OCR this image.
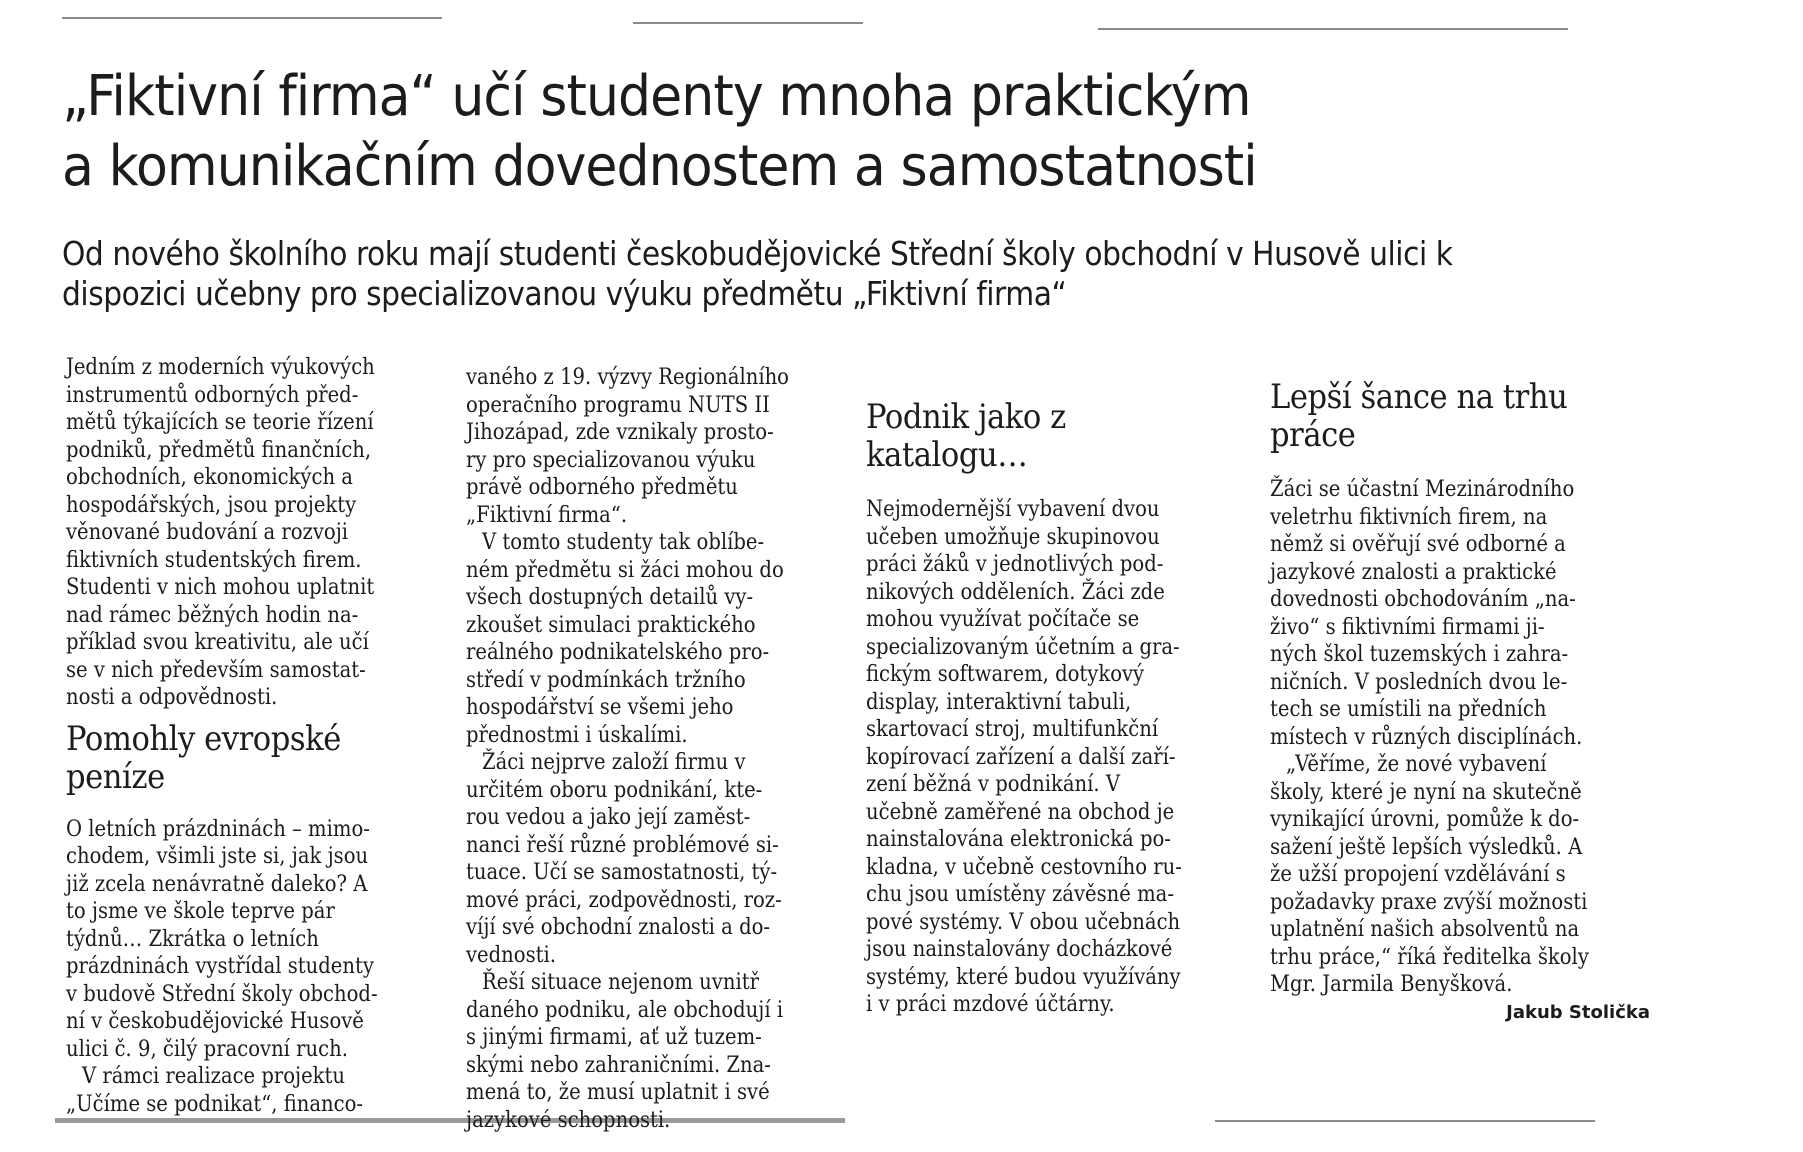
„Fiktivní firma“ učí studenty mnoha praktickým
a komunikačním dovednostem a samostatnosti
Od nového školního roku mají studenti českobudějovické Střední školy obchodní v Husově ulici k
dispozici učebny pro specializovanou výuku předmětu „Fiktivní firma“

Jedním z moderních výukových
instrumentů odborných před-
mětů týkajících se teorie řízení
podniků, předmětů finančních,
obchodních, ekonomických a
hospodářských, jsou projekty
věnované budování a rozvoji
fiktivních studentských firem.
Studenti v nich mohou uplatnit
nad rámec běžných hodin na-
příklad svou kreativitu, ale učí
se v nich především samostat-
nosti a odpovědnosti.

Pomohly evropské
peníze

O letních prázdninách – mimo-
chodem, všimli jste si, jak jsou
již zcela nenávratně daleko? A
to jsme ve škole teprve pár
týdnů… Zkrátka o letních
prázdninách vystřídal studenty
v budově Střední školy obchod-
ní v českobudějovické Husově
ulici č. 9, čilý pracovní ruch.

V rámci realizace projektu
„Učíme se podnikat“, financo-

vaného z 19. výzvy Regionálního
operačního programu NUTS II
Jihozápad, zde vznikaly prosto-
ry pro specializovanou výuku
právě odborného předmětu
„Fiktivní firma“.

V tomto studenty tak oblíbe-
ném předmětu si žáci mohou do
všech dostupných detailů vy-
zkoušet simulaci praktického
reálného podnikatelského pro-
středí v podmínkách tržního
hospodářství se všemi jeho
přednostmi i úskalími.

Žáci nejprve založí firmu v
určitém oboru podnikání, kte-
rou vedou a jako její zaměst-
nanci řeší různé problémové si-
tuace. Učí se samostatnosti, tý-
mové práci, zodpovědnosti, roz-
víjí své obchodní znalosti a do-
vednosti.

Řeší situace nejenom uvnitř
daného podniku, ale obchodují i
s jinými firmami, ať už tuzem-
skými nebo zahraničními. Zna-
mená to, že musí uplatnit i své
jazykové schopnosti.

Podnik jako z
katalogu…

Nejmodernější vybavení dvou
učeben umožňuje skupinovou
práci žáků v jednotlivých pod-
nikových odděleních. Žáci zde
mohou využívat počítače se
specializovaným účetním a gra-
fickým softwarem, dotykový
display, interaktivní tabuli,
skartovací stroj, multifunkční
kopírovací zařízení a další zaří-
zení běžná v podnikání. V
učebně zaměřené na obchod je
nainstalována elektronická po-
kladna, v učebně cestovního ru-
chu jsou umístěny závěsné ma-
pové systémy. V obou učebnách
jsou nainstalovány docházkové
systémy, které budou využívány
i v práci mzdové účtárny.

Lepší šance na trhu
práce

Žáci se účastní Mezinárodního
veletrhu fiktivních firem, na
němž si ověřují své odborné a
jazykové znalosti a praktické
dovednosti obchodováním „na-
živo“ s fiktivními firmami ji-
ných škol tuzemských i zahra-
ničních. V posledních dvou le-
tech se umístili na předních
místech v různých disciplínách.

„Věříme, že nové vybavení
školy, které je nyní na skutečně
vynikající úrovni, pomůže k do-
sažení ještě lepších výsledků. A
že užší propojení vzdělávání s
požadavky praxe zvýší možnosti
uplatnění našich absolventů na
trhu práce,“ říká ředitelka školy
Mgr. Jarmila Benyšková.

Jakub Stolička
